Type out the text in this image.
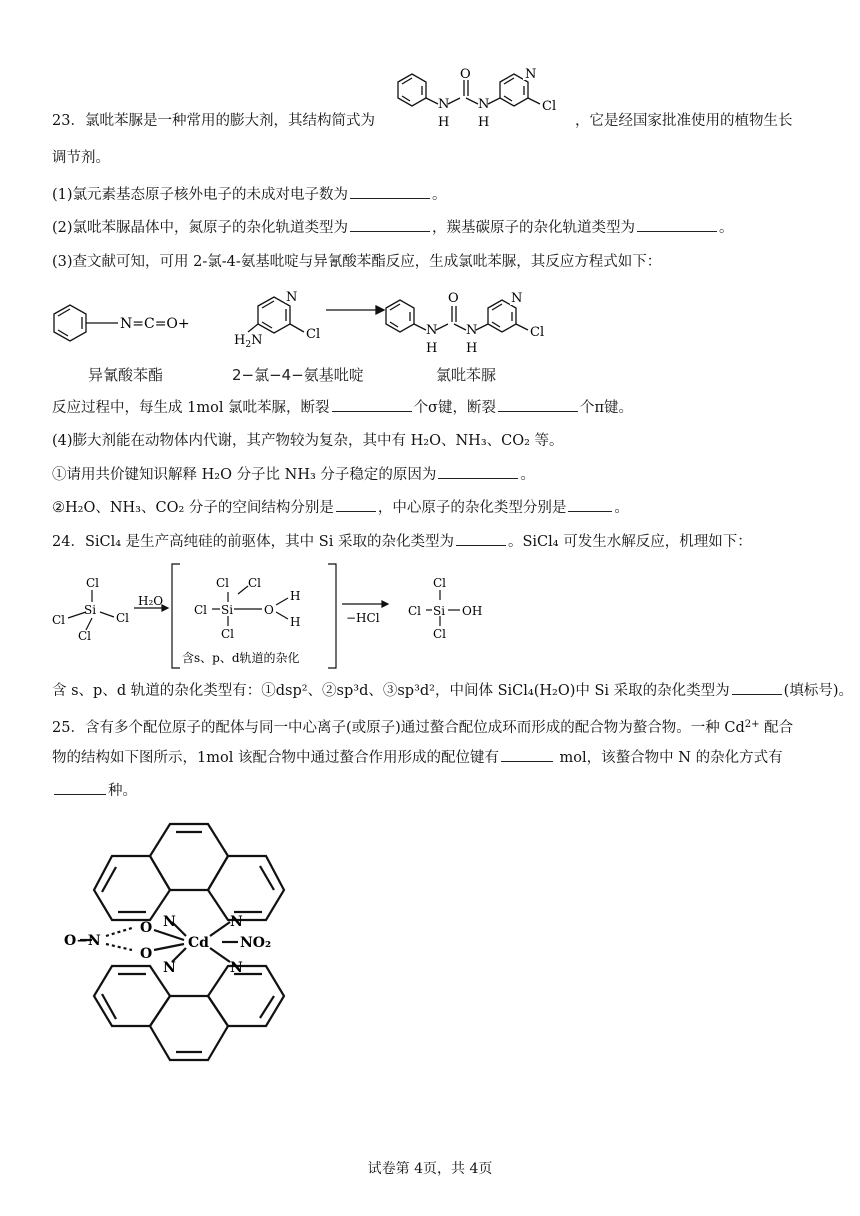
N
O
N N
H H
Cl
23．氯吡苯脲是一种常用的膨大剂，其结构简式为	，它是经国家批准使用的植物生长
调节剂。
(1)氯元素基态原子核外电子的未成对电子数为	。
(2)氯吡苯脲晶体中，氮原子的杂化轨道类型为	，羰基碳原子的杂化轨道类型为	。
(3)查文献可知，可用 2-氯-4-氨基吡啶与异氰酸苯酯反应，生成氯吡苯脲，其反应方程式如下：
N=C=O+
N
Cl
$H_2N$
N
O
N N
H H
Cl
异氰酸苯酯	2−氯−4−氨基吡啶	氯吡苯脲
反应过程中，每生成 1mol 氯吡苯脲，断裂	个σ键，断裂	个π键。
(4)膨大剂能在动物体内代谢，其产物较为复杂，其中有 H₂O、NH₃、CO₂ 等。
①请用共价键知识解释 H₂O 分子比 NH₃ 分子稳定的原因为	。
②H₂O、NH₃、CO₂ 分子的空间结构分别是	，中心原子的杂化类型分别是	。
24．SiCl₄ 是生产高纯硅的前驱体，其中 Si 采取的杂化类型为	。SiCl₄ 可发生水解反应，机理如下：
Cl
Si
Cl	Cl
Cl
H₂O
Cl Cl
Cl Si	O
H
H
Cl
含s、p、d轨道的杂化
−HCl
Cl
Si
Cl	OH
Cl
含 s、p、d 轨道的杂化类型有：①dsp²、②sp³d、③sp³d²，中间体 SiCl₄(H₂O)中 Si 采取的杂化类型为	(填标号)。
25．含有多个配位原子的配体与同一中心离子(或原子)通过螯合配位成环而形成的配合物为螯合物。一种 $Cd^{2+}$ 配合
物的结构如下图所示，1mol 该配合物中通过螯合作用形成的配位键有	mol，该螯合物中 N 的杂化方式有
种。
N	N
N	N
Cd NO₂
O
O
O−N
试卷第 4页，共 4页
